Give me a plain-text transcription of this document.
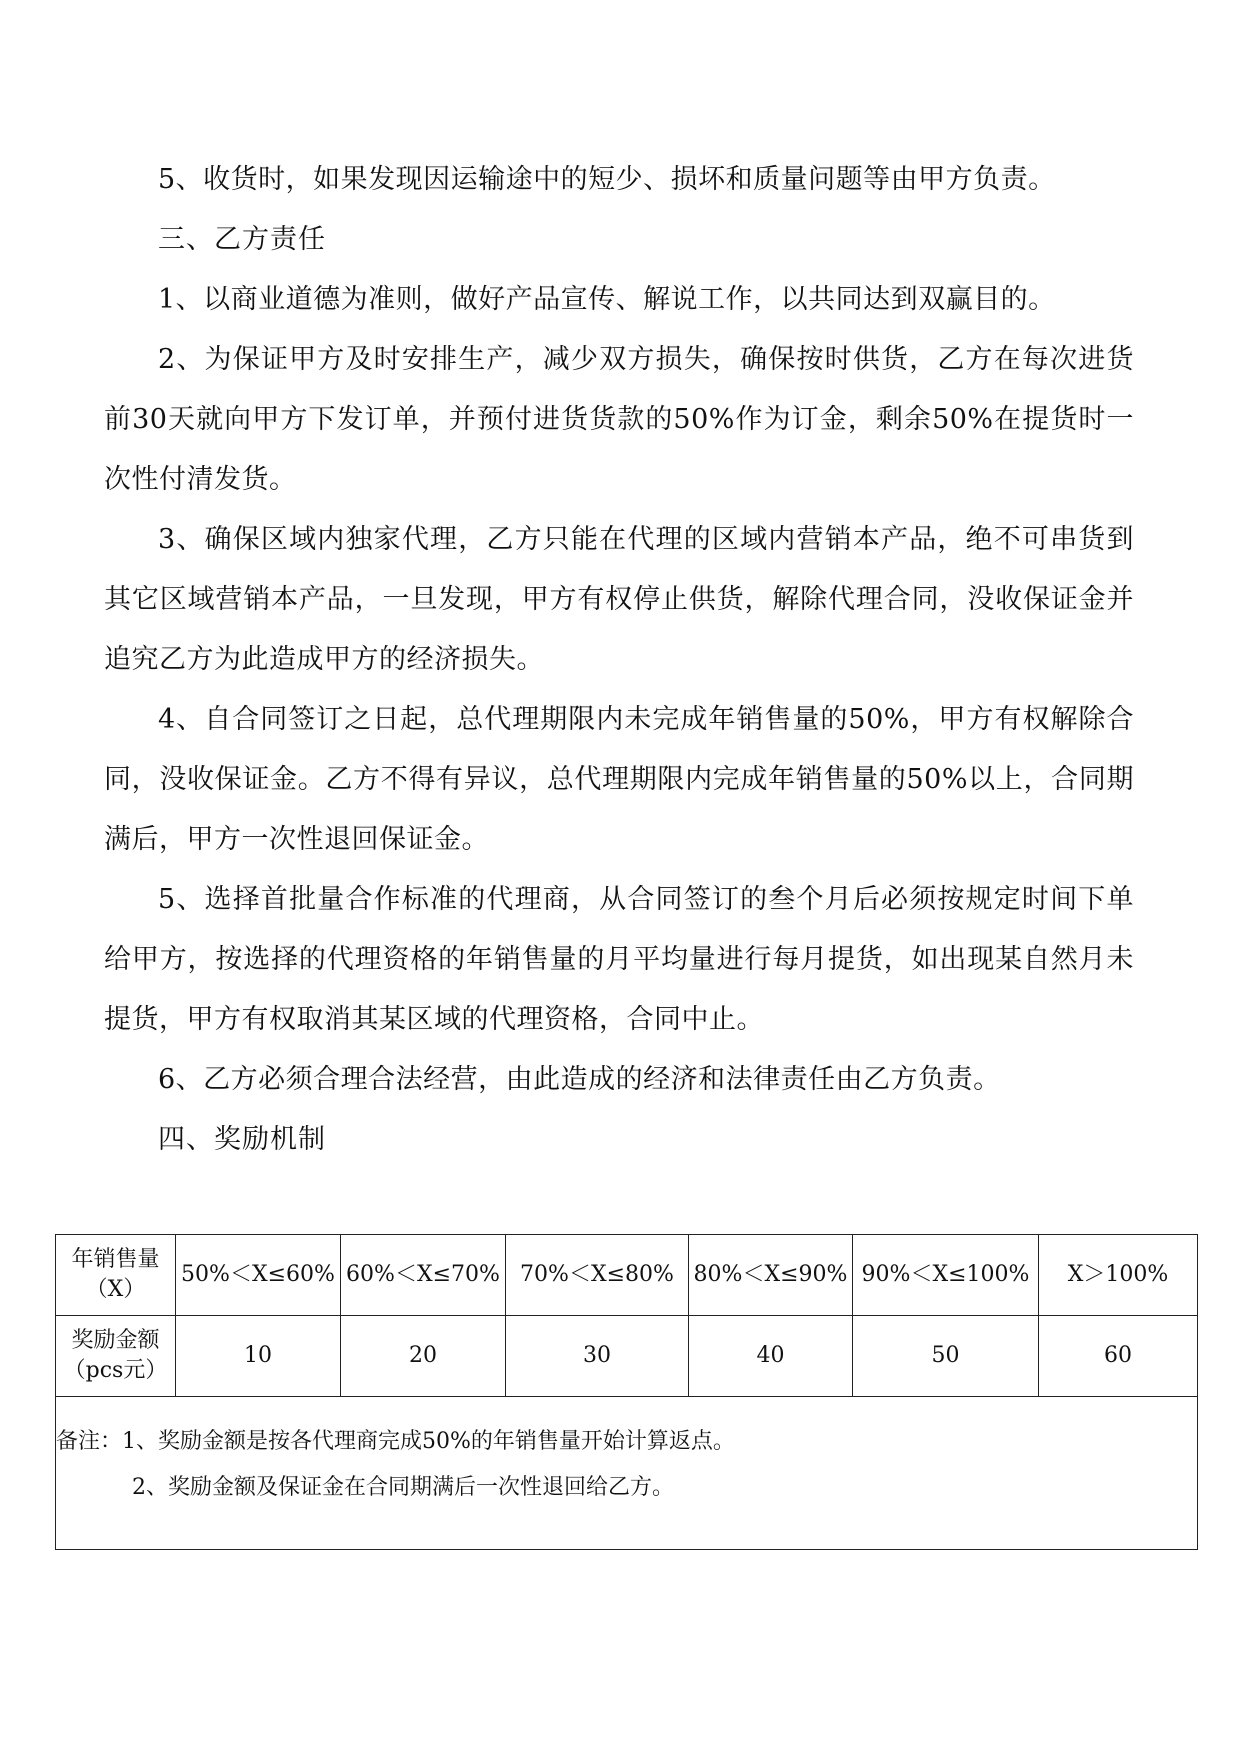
5、收货时，如果发现因运输途中的短少、损坏和质量问题等由甲方负责。

三、乙方责任

1、以商业道德为准则，做好产品宣传、解说工作，以共同达到双赢目的。

2、为保证甲方及时安排生产，减少双方损失，确保按时供货，乙方在每次进货前30天就向甲方下发订单，并预付进货货款的50%作为订金，剩余50%在提货时一次性付清发货。

3、确保区域内独家代理，乙方只能在代理的区域内营销本产品，绝不可串货到其它区域营销本产品，一旦发现，甲方有权停止供货，解除代理合同，没收保证金并追究乙方为此造成甲方的经济损失。

4、自合同签订之日起，总代理期限内未完成年销售量的50%，甲方有权解除合同，没收保证金。乙方不得有异议，总代理期限内完成年销售量的50%以上，合同期满后，甲方一次性退回保证金。

5、选择首批量合作标准的代理商，从合同签订的叁个月后必须按规定时间下单给甲方，按选择的代理资格的年销售量的月平均量进行每月提货，如出现某自然月未提货，甲方有权取消其某区域的代理资格，合同中止。

6、乙方必须合理合法经营，由此造成的经济和法律责任由乙方负责。

四、奖励机制

年销售量（X）	50%＜X≤60%	60%＜X≤70%	70%＜X≤80%	80%＜X≤90%	90%＜X≤100%	X＞100%
奖励金额（pcs元）	10	20	30	40	50	60

备注：1、奖励金额是按各代理商完成50%的年销售量开始计算返点。
2、奖励金额及保证金在合同期满后一次性退回给乙方。						
